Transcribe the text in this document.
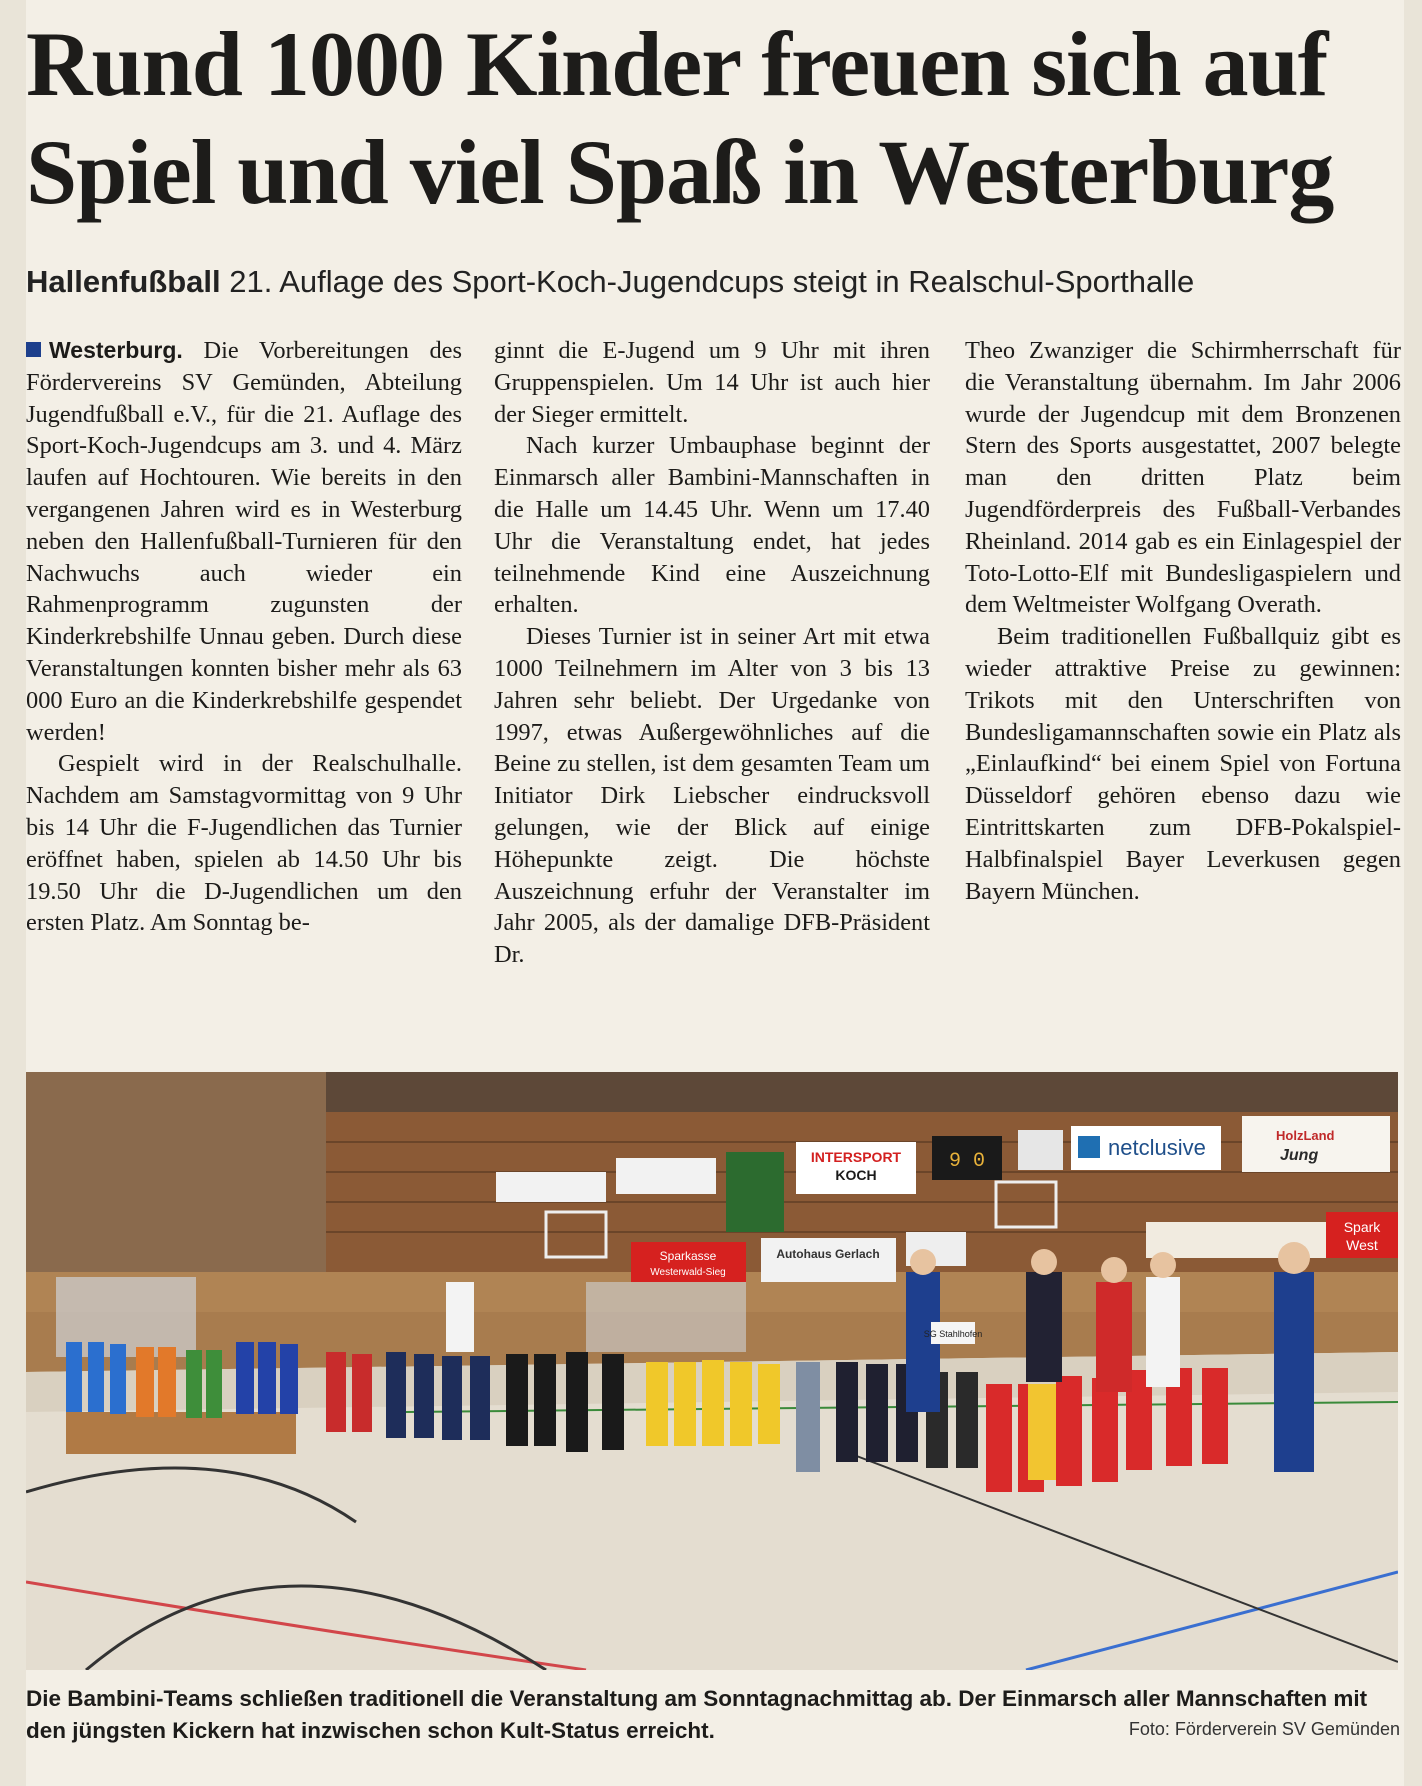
Rund 1000 Kinder freuen sich auf
Spiel und viel Spaß in Westerburg
Hallenfußball 21. Auflage des Sport-Koch-Jugendcups steigt in Realschul-Sporthalle

Westerburg. Die Vorbereitungen des Fördervereins SV Gemünden, Abteilung Jugendfußball e.V., für die 21. Auflage des Sport-Koch-Jugendcups am 3. und 4. März laufen auf Hochtouren. Wie bereits in den vergangenen Jahren wird es in Westerburg neben den Hallenfußball-Turnieren für den Nachwuchs auch wieder ein Rahmenprogramm zugunsten der Kinderkrebshilfe Unnau geben. Durch diese Veranstaltungen konnten bisher mehr als 63 000 Euro an die Kinderkrebshilfe gespendet werden!

Gespielt wird in der Realschulhalle. Nachdem am Samstagvormittag von 9 Uhr bis 14 Uhr die F-Jugendlichen das Turnier eröffnet haben, spielen ab 14.50 Uhr bis 19.50 Uhr die D-Jugendlichen um den ersten Platz. Am Sonntag be-

ginnt die E-Jugend um 9 Uhr mit ihren Gruppenspielen. Um 14 Uhr ist auch hier der Sieger ermittelt.

Nach kurzer Umbauphase beginnt der Einmarsch aller Bambini-Mannschaften in die Halle um 14.45 Uhr. Wenn um 17.40 Uhr die Veranstaltung endet, hat jedes teilnehmende Kind eine Auszeichnung erhalten.

Dieses Turnier ist in seiner Art mit etwa 1000 Teilnehmern im Alter von 3 bis 13 Jahren sehr beliebt. Der Urgedanke von 1997, etwas Außergewöhnliches auf die Beine zu stellen, ist dem gesamten Team um Initiator Dirk Liebscher eindrucksvoll gelungen, wie der Blick auf einige Höhepunkte zeigt. Die höchste Auszeichnung erfuhr der Veranstalter im Jahr 2005, als der damalige DFB-Präsident Dr.

Theo Zwanziger die Schirmherrschaft für die Veranstaltung übernahm. Im Jahr 2006 wurde der Jugendcup mit dem Bronzenen Stern des Sports ausgestattet, 2007 belegte man den dritten Platz beim Jugendförderpreis des Fußball-Verbandes Rheinland. 2014 gab es ein Einlagespiel der Toto-Lotto-Elf mit Bundesligaspielern und dem Weltmeister Wolfgang Overath.

Beim traditionellen Fußballquiz gibt es wieder attraktive Preise zu gewinnen: Trikots mit den Unterschriften von Bundesligamannschaften sowie ein Platz als „Einlaufkind“ bei einem Spiel von Fortuna Düsseldorf gehören ebenso dazu wie Eintrittskarten zum DFB-Pokalspiel-Halbfinalspiel Bayer Leverkusen gegen Bayern München.

INTERSPORT
KOCH
9 0
netclusive	HolzLand
Jung
Sparkasse
Westerwald-Sieg
Autohaus Gerlach
Spark
West
SG Stahlhofen
Die Bambini-Teams schließen traditionell die Veranstaltung am Sonntagnachmittag ab. Der Einmarsch aller Mannschaften mit den jüngsten Kickern hat inzwischen schon Kult-Status erreicht.	Foto: Förderverein SV Gemünden
